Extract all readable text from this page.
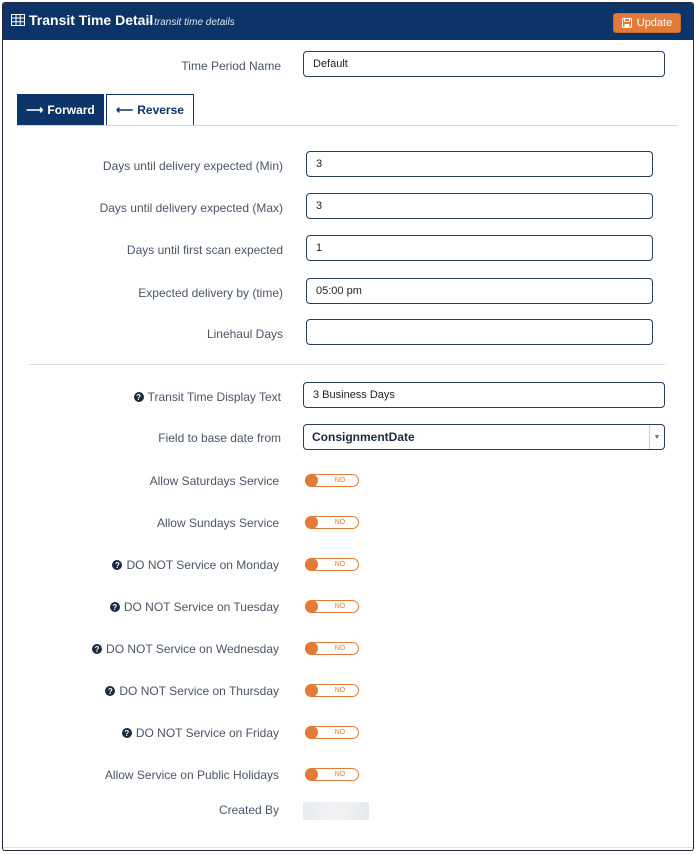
Transit Time Detail
- transit time details	Update
Time Period Name	Default
⟶ Forward ⟵ Reverse
Days until delivery expected (Min)	3
Days until delivery expected (Max)	3
Days until first scan expected	1
Expected delivery by (time)	05:00 pm
Linehaul Days
? Transit Time Display Text	3 Business Days
Field to base date from	ConsignmentDate	▼
Allow Saturdays Service	NO
Allow Sundays Service	NO
? DO NOT Service on Monday	NO
? DO NOT Service on Tuesday	NO
? DO NOT Service on Wednesday	NO
? DO NOT Service on Thursday	NO
? DO NOT Service on Friday	NO
Allow Service on Public Holidays	NO
Created By
